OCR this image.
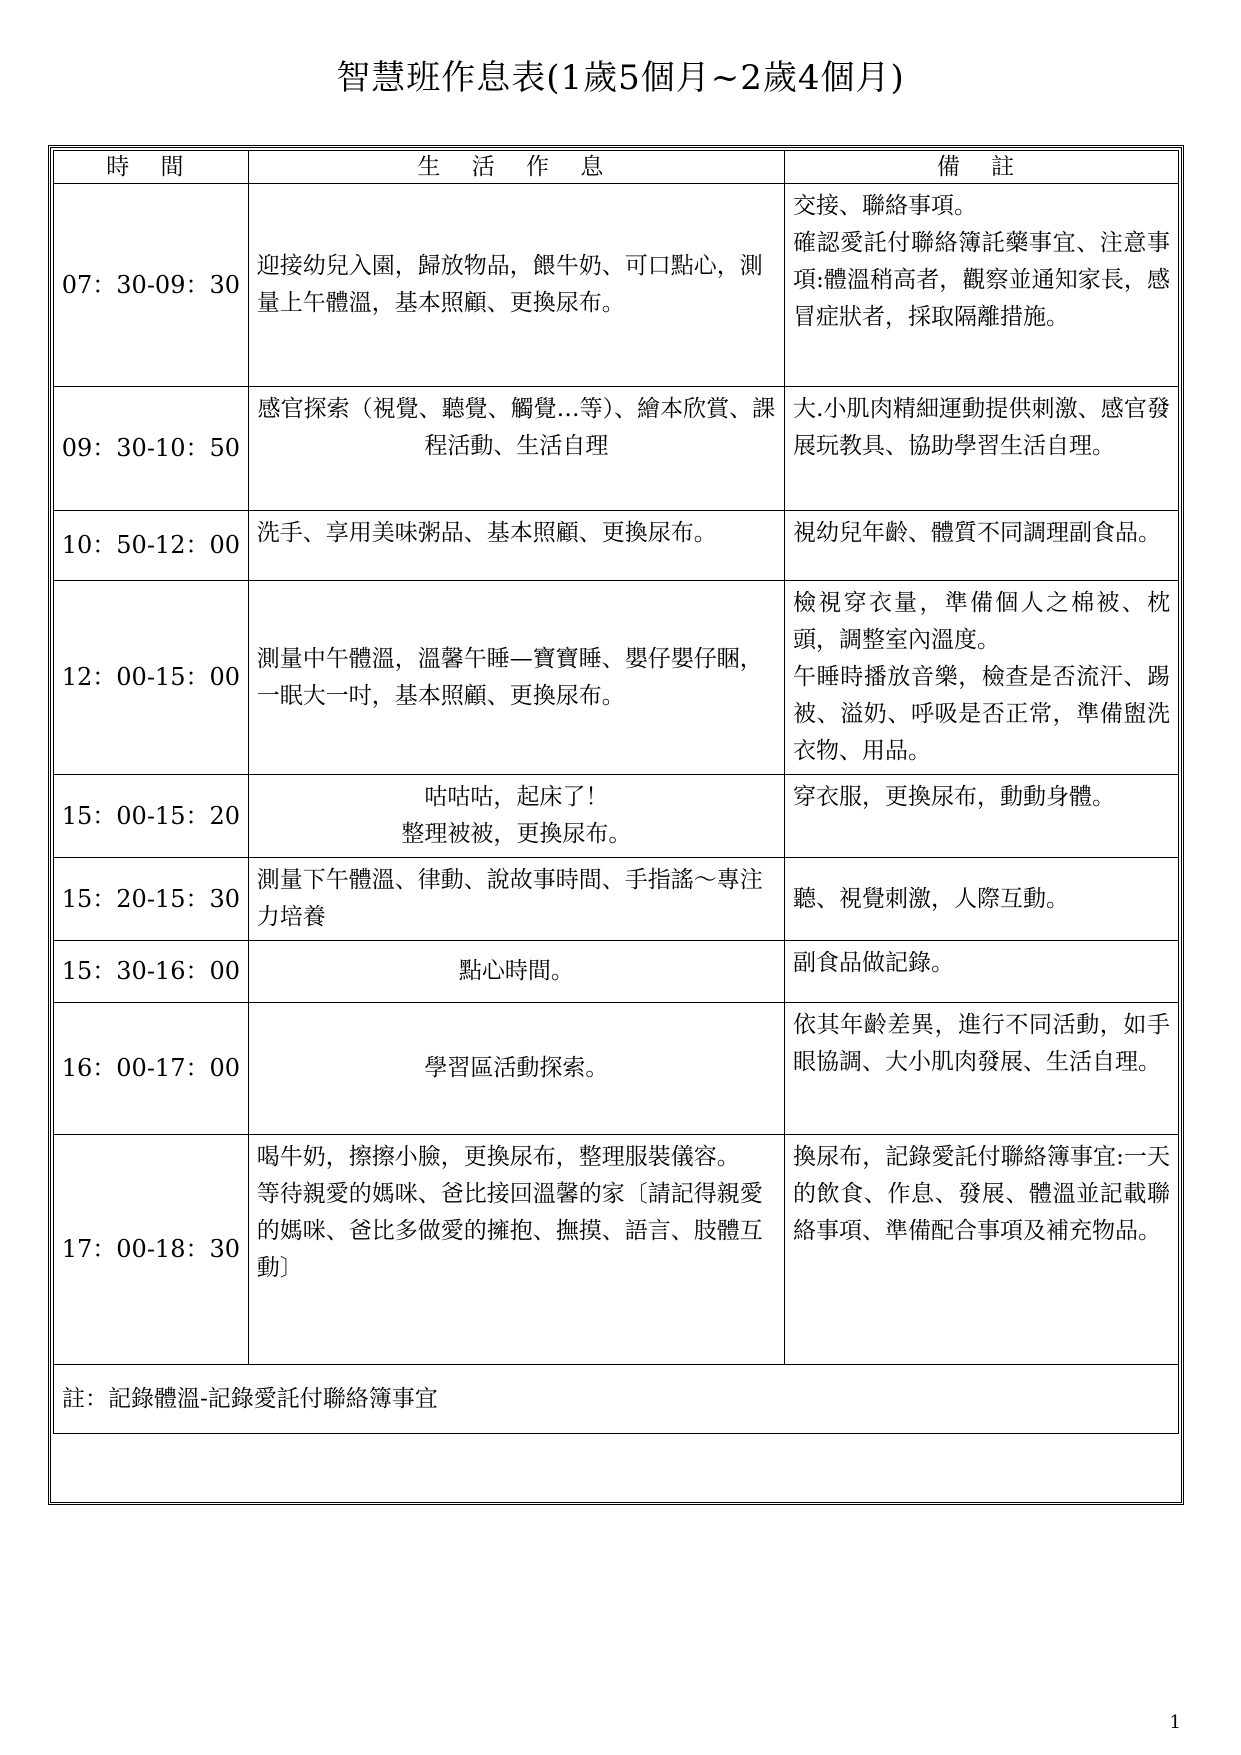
智慧班作息表(1歲5個月~2歲4個月)
時 間	生 活 作 息	備 註
07：30-09：30	迎接幼兒入園，歸放物品，餵牛奶、可口點心，測量上午體溫，基本照顧、更換尿布。	交接、聯絡事項。
確認愛託付聯絡簿託藥事宜、注意事項:體溫稍高者，觀察並通知家長，感冒症狀者，採取隔離措施。

09：30-10：50	感官探索（視覺、聽覺、觸覺…等）、繪本欣賞、課程活動、生活自理	大.小肌肉精細運動提供刺激、感官發展玩教具、協助學習生活自理。

10：50-12：00	洗手、享用美味粥品、基本照顧、更換尿布。	視幼兒年齡、體質不同調理副食品。

12：00-15：00	測量中午體溫，溫馨午睡—寶寶睡、嬰仔嬰仔睏，一眠大一吋，基本照顧、更換尿布。	檢視穿衣量，準備個人之棉被、枕頭，調整室內溫度。
午睡時播放音樂，檢查是否流汗、踢被、溢奶、呼吸是否正常，準備盥洗衣物、用品。

15：00-15：20	咕咕咕，起床了！
整理被被，更換尿布。	穿衣服，更換尿布，動動身體。

15：20-15：30	測量下午體溫、律動、說故事時間、手指謠～專注力培養	聽、視覺刺激，人際互動。

15：30-16：00	點心時間。	副食品做記錄。

16：00-17：00	學習區活動探索。	依其年齡差異，進行不同活動，如手眼協調、大小肌肉發展、生活自理。

17：00-18：30	喝牛奶，擦擦小臉，更換尿布，整理服裝儀容。
等待親愛的媽咪、爸比接回溫馨的家〔請記得親愛的媽咪、爸比多做愛的擁抱、撫摸、語言、肢體互動〕	換尿布，記錄愛託付聯絡簿事宜:一天的飲食、作息、發展、體溫並記載聯絡事項、準備配合事項及補充物品。

註：記錄體溫-記錄愛託付聯絡簿事宜		
1
